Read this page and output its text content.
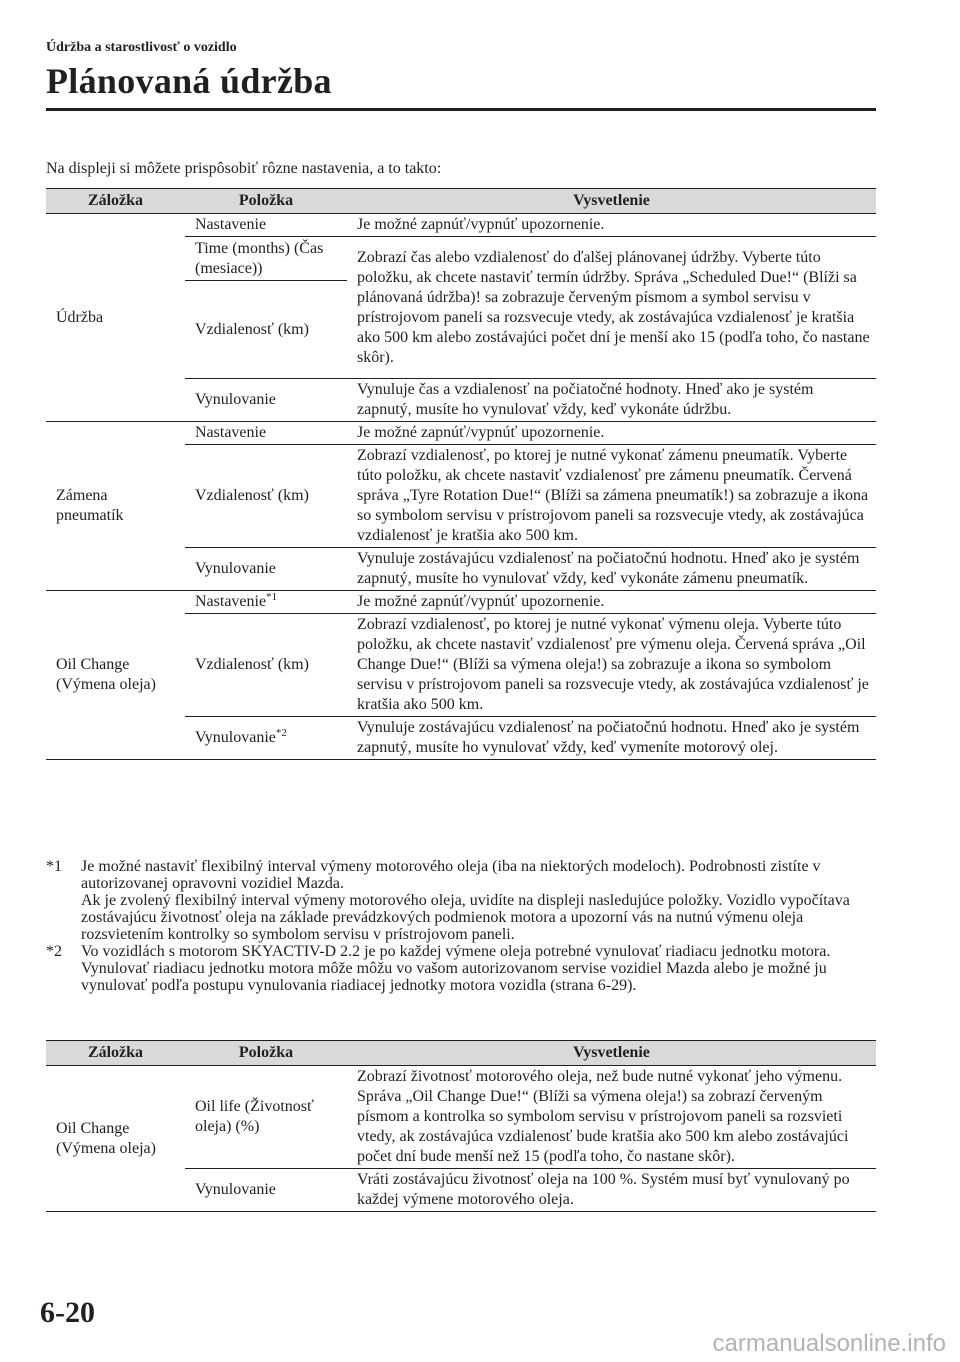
Údržba a starostlivosť o vozidlo
Plánovaná údržba
Na displeji si môžete prispôsobiť rôzne nastavenia, a to takto:
Záložka	Položka	Vysvetlenie
Údržba	Nastavenie	Je možné zapnúť/vypnúť upozornenie.
	Time (months) (Čas (mesiace))	Zobrazí čas alebo vzdialenosť do ďalšej plánovanej údržby. Vyberte túto položku, ak chcete nastaviť termín údržby. Správa „Scheduled Due!“ (Blíži sa plánovaná údržba)! sa zobrazuje červeným písmom a symbol servisu v prístrojovom paneli sa rozsvecuje vtedy, ak zostávajúca vzdialenosť je kratšia ako 500 km alebo zostávajúci počet dní je menší ako 15 (podľa toho, čo nastane skôr).
	Vzdialenosť (km)	
	Vynulovanie	Vynuluje čas a vzdialenosť na počiatočné hodnoty. Hneď ako je systém zapnutý, musíte ho vynulovať vždy, keď vykonáte údržbu.
Zámena pneumatík	Nastavenie	Je možné zapnúť/vypnúť upozornenie.
	Vzdialenosť (km)	Zobrazí vzdialenosť, po ktorej je nutné vykonať zámenu pneumatík. Vyberte túto položku, ak chcete nastaviť vzdialenosť pre zámenu pneumatík. Červená správa „Tyre Rotation Due!“ (Blíži sa zámena pneumatík!) sa zobrazuje a ikona so symbolom servisu v prístrojovom paneli sa rozsvecuje vtedy, ak zostávajúca vzdialenosť je kratšia ako 500 km.
	Vynulovanie	Vynuluje zostávajúcu vzdialenosť na počiatočnú hodnotu. Hneď ako je systém zapnutý, musíte ho vynulovať vždy, keď vykonáte zámenu pneumatík.
Oil Change (Výmena oleja)	Nastavenie$^{*1}$	Je možné zapnúť/vypnúť upozornenie.
	Vzdialenosť (km)	Zobrazí vzdialenosť, po ktorej je nutné vykonať výmenu oleja. Vyberte túto položku, ak chcete nastaviť vzdialenosť pre výmenu oleja. Červená správa „Oil Change Due!“ (Blíži sa výmena oleja!) sa zobrazuje a ikona so symbolom servisu v prístrojovom paneli sa rozsvecuje vtedy, ak zostávajúca vzdialenosť je kratšia ako 500 km.
	Vynulovanie$^{*2}$	Vynuluje zostávajúcu vzdialenosť na počiatočnú hodnotu. Hneď ako je systém zapnutý, musíte ho vynulovať vždy, keď vymeníte motorový olej.
*1	Je možné nastaviť flexibilný interval výmeny motorového oleja (iba na niektorých modeloch). Podrobnosti zistíte v autorizovanej opravovni vozidiel Mazda.

Ak je zvolený flexibilný interval výmeny motorového oleja, uvidíte na displeji nasledujúce položky. Vozidlo vypočítava zostávajúcu životnosť oleja na základe prevádzkových podmienok motora a upozorní vás na nutnú výmenu oleja rozsvietením kontrolky so symbolom servisu v prístrojovom paneli.

*2	Vo vozidlách s motorom SKYACTIV-D 2.2 je po každej výmene oleja potrebné vynulovať riadiacu jednotku motora.

Vynulovať riadiacu jednotku motora môže môžu vo vašom autorizovanom servise vozidiel Mazda alebo je možné ju vynulovať podľa postupu vynulovania riadiacej jednotky motora vozidla (strana 6-29).

Záložka	Položka	Vysvetlenie
Oil Change (Výmena oleja)	Oil life (Životnosť oleja) (%)	Zobrazí životnosť motorového oleja, než bude nutné vykonať jeho výmenu. Správa „Oil Change Due!“ (Blíži sa výmena oleja!) sa zobrazí červeným písmom a kontrolka so symbolom servisu v prístrojovom paneli sa rozsvieti vtedy, ak zostávajúca vzdialenosť bude kratšia ako 500 km alebo zostávajúci počet dní bude menší než 15 (podľa toho, čo nastane skôr).
	Vynulovanie	Vráti zostávajúcu životnosť oleja na 100 %. Systém musí byť vynulovaný po každej výmene motorového oleja.
6-20
carmanualsonline.info
